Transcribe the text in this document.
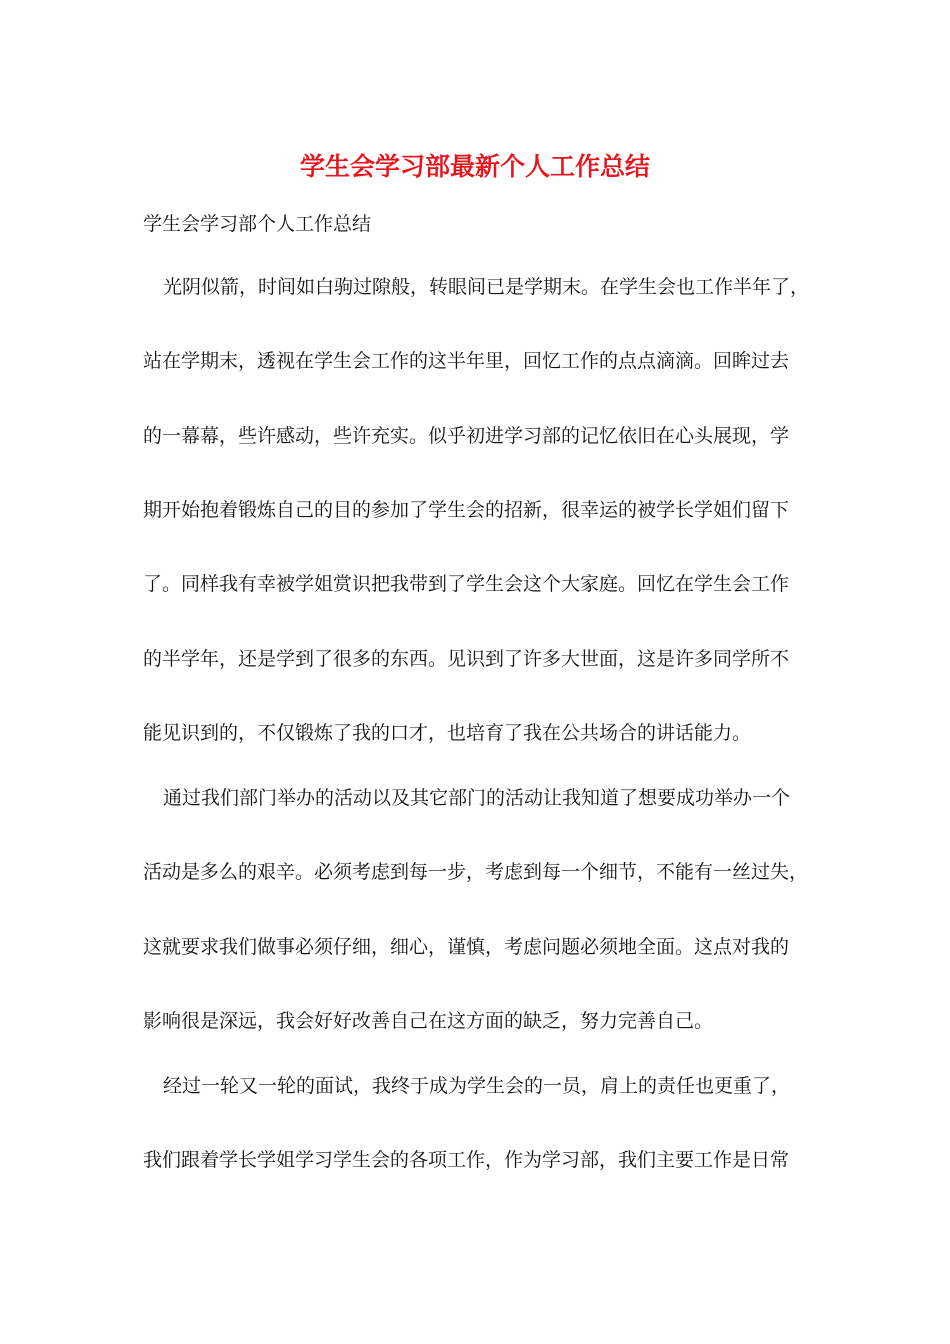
学生会学习部最新个人工作总结
学生会学习部个人工作总结
光阴似箭，时间如白驹过隙般，转眼间已是学期末。在学生会也工作半年了，
站在学期末，透视在学生会工作的这半年里，回忆工作的点点滴滴。回眸过去
的一幕幕，些许感动，些许充实。似乎初进学习部的记忆依旧在心头展现，学
期开始抱着锻炼自己的目的参加了学生会的招新，很幸运的被学长学姐们留下
了。同样我有幸被学姐赏识把我带到了学生会这个大家庭。回忆在学生会工作
的半学年，还是学到了很多的东西。见识到了许多大世面，这是许多同学所不
能见识到的，不仅锻炼了我的口才，也培育了我在公共场合的讲话能力。
通过我们部门举办的活动以及其它部门的活动让我知道了想要成功举办一个
活动是多么的艰辛。必须考虑到每一步，考虑到每一个细节，不能有一丝过失，
这就要求我们做事必须仔细，细心，谨慎，考虑问题必须地全面。这点对我的
影响很是深远，我会好好改善自己在这方面的缺乏，努力完善自己。
经过一轮又一轮的面试，我终于成为学生会的一员，肩上的责任也更重了，
我们跟着学长学姐学习学生会的各项工作，作为学习部，我们主要工作是日常
